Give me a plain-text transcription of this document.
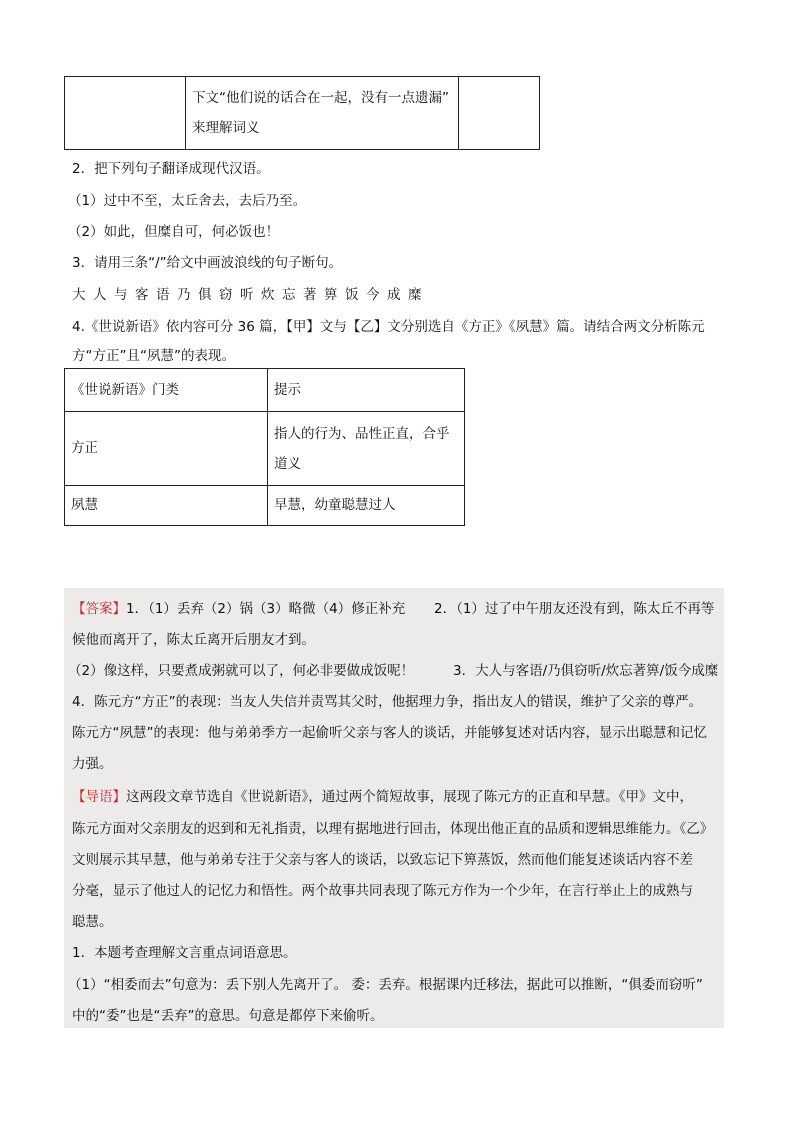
下文“他们说的话合在一起，没有一点遗漏”
来理解词义

2．把下列句子翻译成现代汉语。
（1）过中不至，太丘舍去，去后乃至。
（2）如此，但糜自可，何必饭也！
3．请用三条“/”给文中画波浪线的句子断句。
大 人 与 客 语 乃 俱 窃 听 炊 忘 著 箅 饭 今 成 糜
4.《世说新语》依内容可分 36 篇，【甲】文与【乙】文分别选自《方正》《夙慧》篇。请结合两文分析陈元
方“方正”且“夙慧”的表现。
《世说新语》门类	提示
方正	指人的行为、品性正直，合乎
道义

夙慧	早慧，幼童聪慧过人
【答案】1．（1）丢弃（2）锅（3）略微（4）修正补充 2．（1）过了中午朋友还没有到，陈太丘不再等
候他而离开了，陈太丘离开后朋友才到。
（2）像这样，只要煮成粥就可以了，何必非要做成饭呢！	3．大人与客语/乃俱窃听/炊忘著箅/饭今成糜
4．陈元方“方正”的表现：当友人失信并责骂其父时，他据理力争，指出友人的错误，维护了父亲的尊严。
陈元方“夙慧”的表现：他与弟弟季方一起偷听父亲与客人的谈话，并能够复述对话内容，显示出聪慧和记忆
力强。
【导语】这两段文章节选自《世说新语》，通过两个简短故事，展现了陈元方的正直和早慧。《甲》文中，
陈元方面对父亲朋友的迟到和无礼指责，以理有据地进行回击，体现出他正直的品质和逻辑思维能力。《乙》
文则展示其早慧，他与弟弟专注于父亲与客人的谈话，以致忘记下箅蒸饭，然而他们能复述谈话内容不差
分毫，显示了他过人的记忆力和悟性。两个故事共同表现了陈元方作为一个少年，在言行举止上的成熟与
聪慧。
1．本题考查理解文言重点词语意思。
（1）“相委而去”句意为：丢下别人先离开了。 委：丢弃。根据课内迁移法，据此可以推断，“俱委而窃听”
中的“委”也是“丢弃”的意思。句意是都停下来偷听。
